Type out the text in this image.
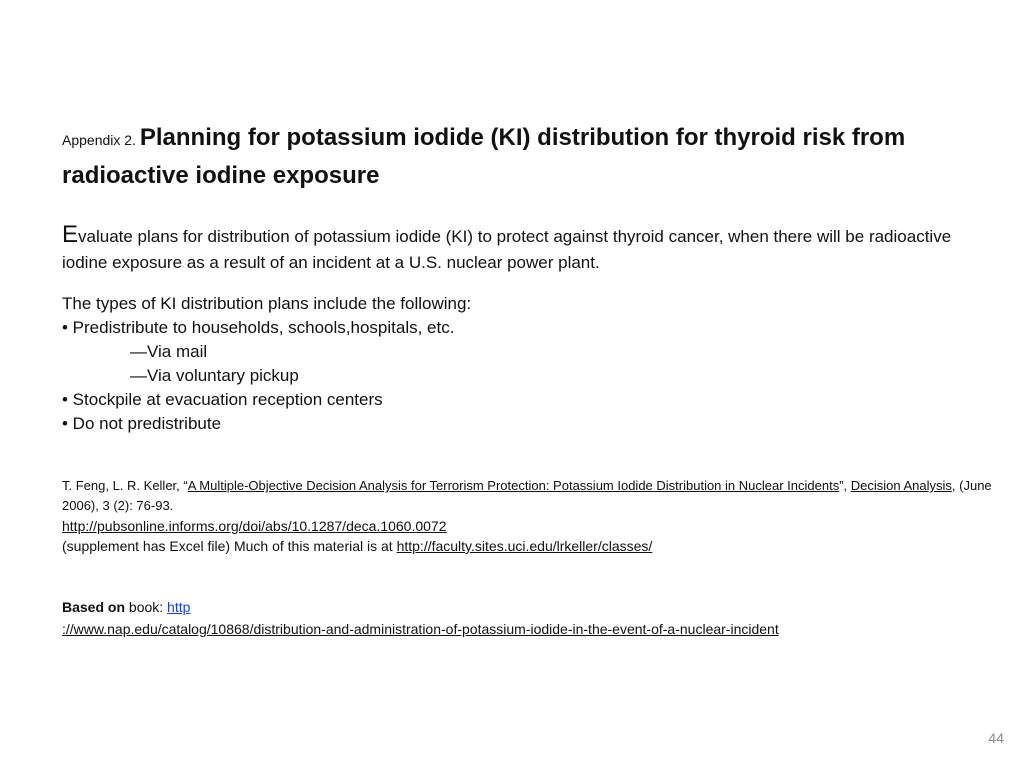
Appendix 2. Planning for potassium iodide (KI) distribution for thyroid risk from radioactive iodine exposure

Evaluate plans for distribution of potassium iodide (KI) to protect against thyroid cancer, when there will be radioactive iodine exposure as a result of an incident at a U.S. nuclear power plant.

The types of KI distribution plans include the following:
• Predistribute to households, schools,hospitals, etc.
—Via mail
—Via voluntary pickup
• Stockpile at evacuation reception centers
• Do not predistribute
T. Feng, L. R. Keller, “A Multiple-Objective Decision Analysis for Terrorism Protection: Potassium Iodide Distribution in Nuclear Incidents”, Decision Analysis, (June 2006), 3 (2): 76-93.
http://pubsonline.informs.org/doi/abs/10.1287/deca.1060.0072
(supplement has Excel file) Much of this material is at http://faculty.sites.uci.edu/lrkeller/classes/
Based on book: http
://www.nap.edu/catalog/10868/distribution-and-administration-of-potassium-iodide-in-the-event-of-a-nuclear-incident
44
